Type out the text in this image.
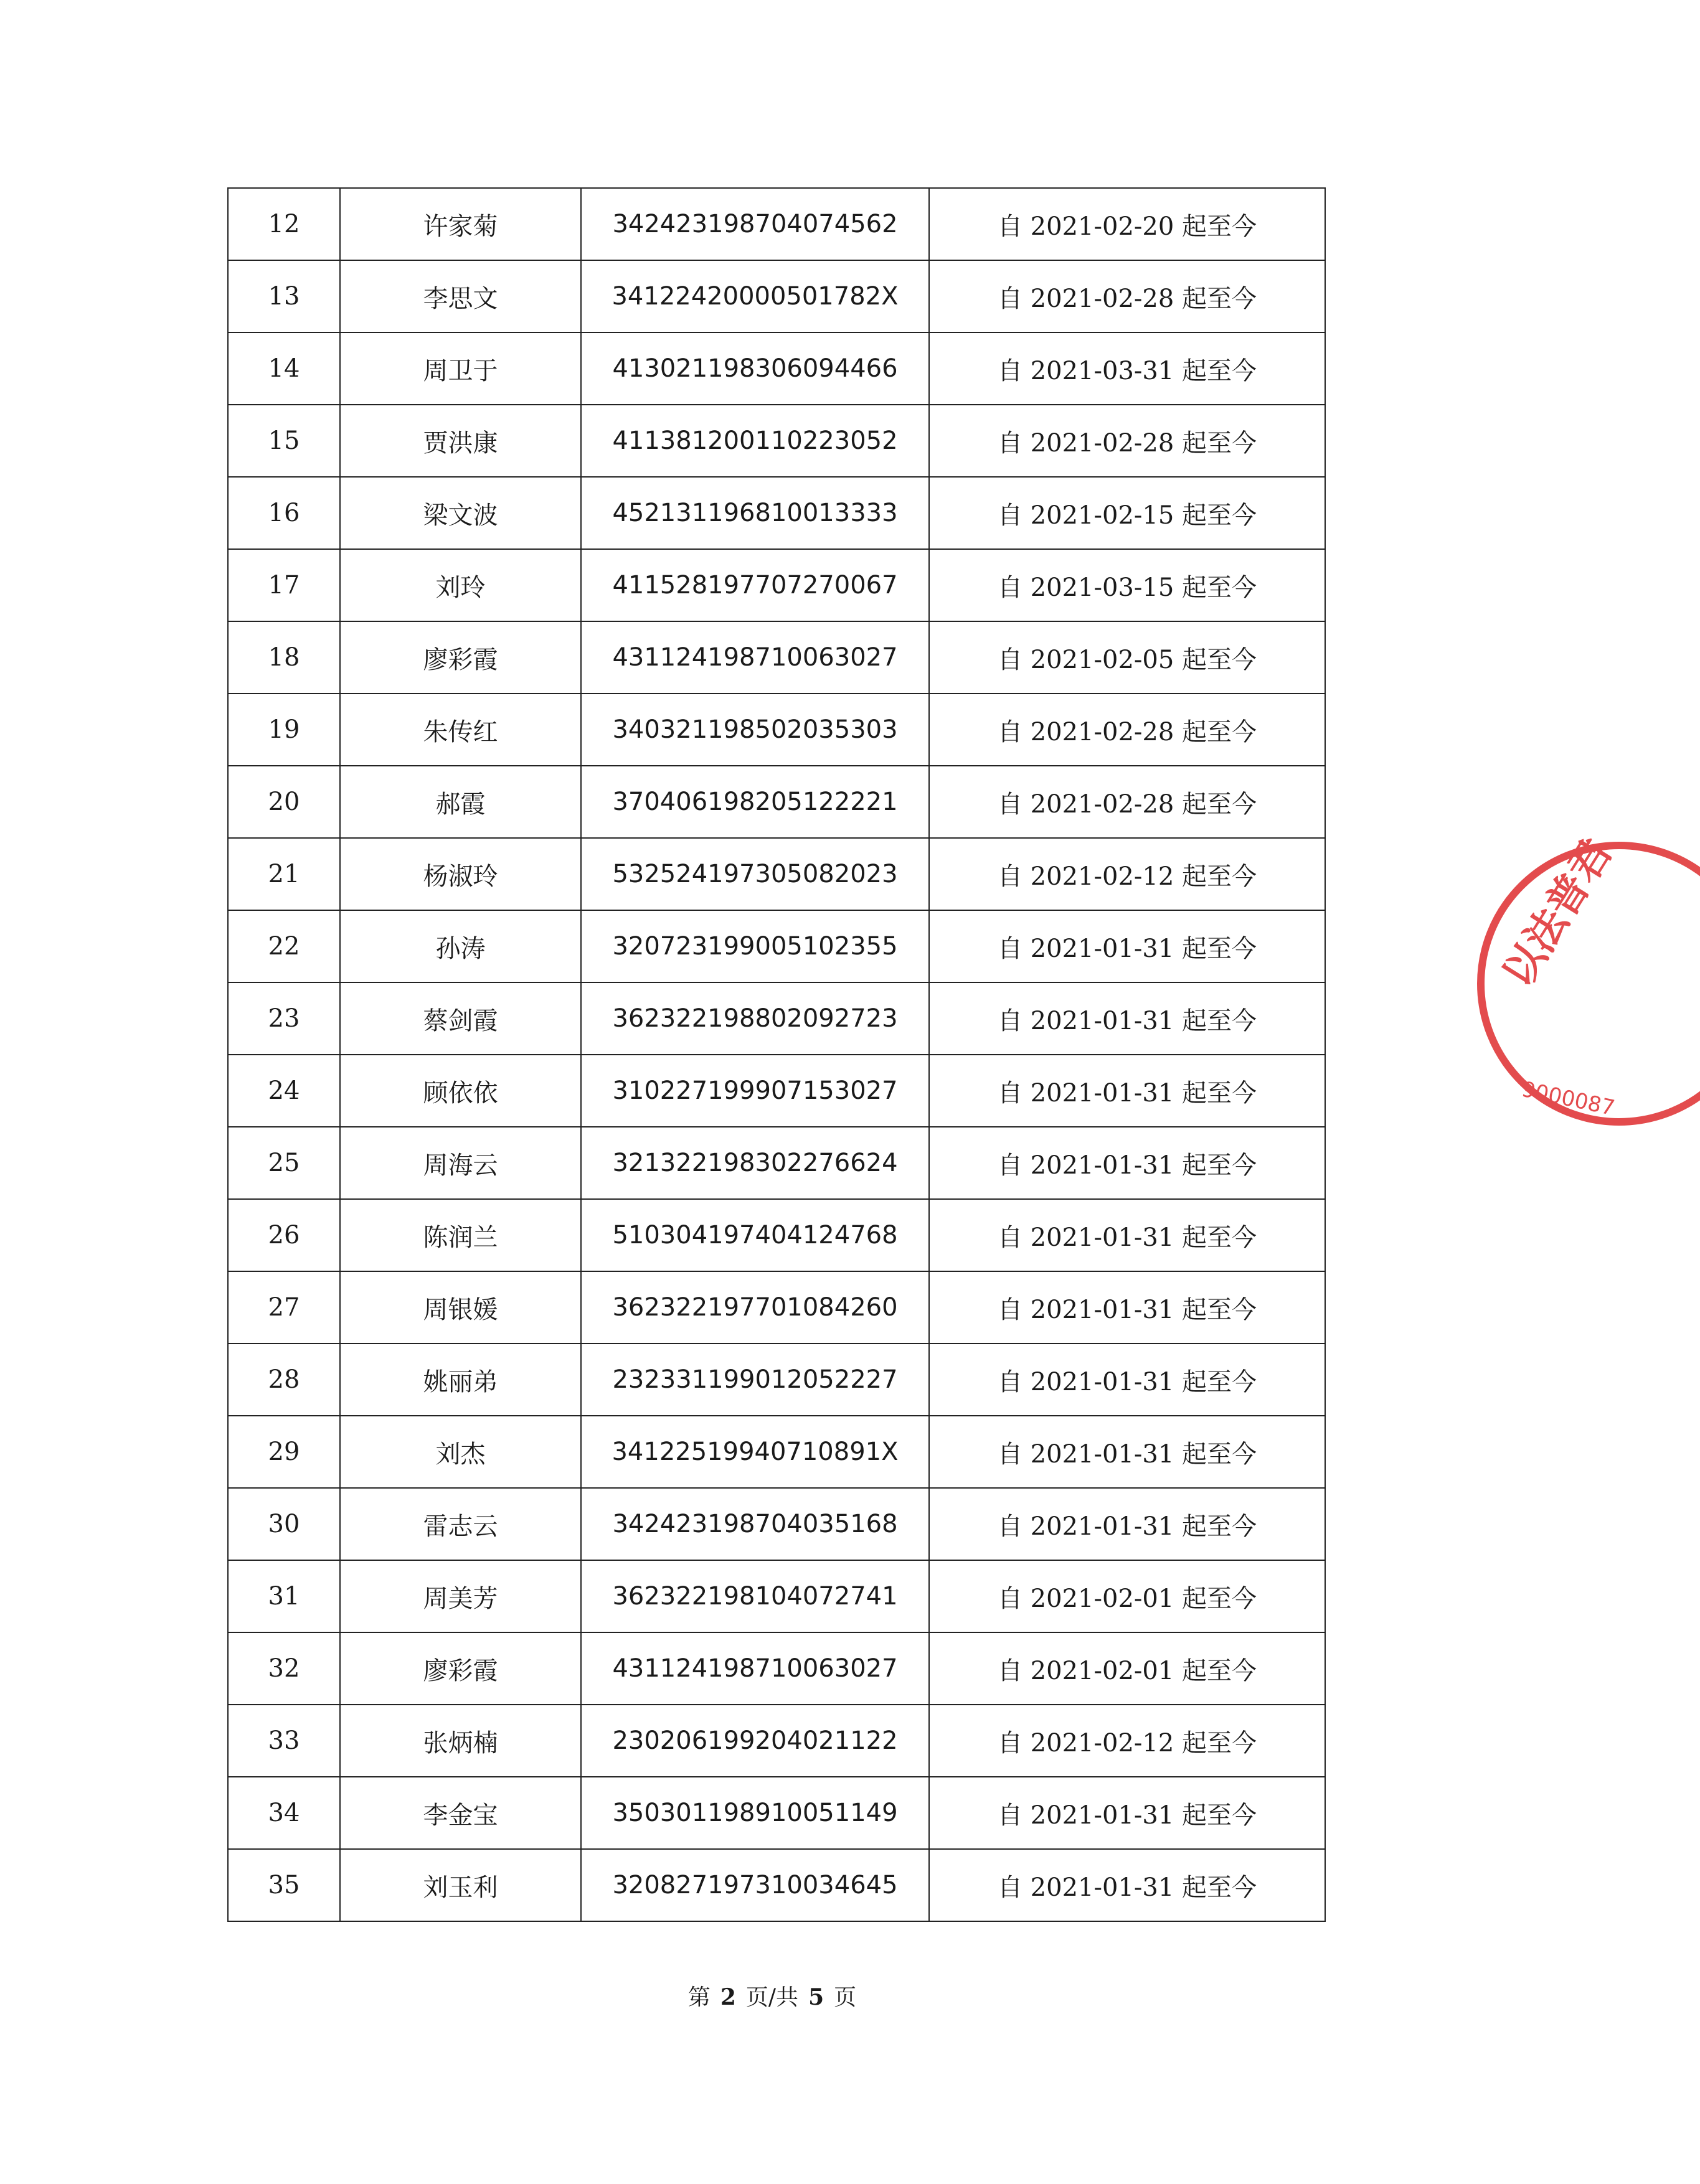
12	许家菊	342423198704074562	自 2021-02-20 起至今
13	李思文	34122420000501782X	自 2021-02-28 起至今
14	周卫于	413021198306094466	自 2021-03-31 起至今
15	贾洪康	411381200110223052	自 2021-02-28 起至今
16	梁文波	452131196810013333	自 2021-02-15 起至今
17	刘玲	411528197707270067	自 2021-03-15 起至今
18	廖彩霞	431124198710063027	自 2021-02-05 起至今
19	朱传红	340321198502035303	自 2021-02-28 起至今
20	郝霞	370406198205122221	自 2021-02-28 起至今
21	杨淑玲	532524197305082023	自 2021-02-12 起至今
22	孙涛	320723199005102355	自 2021-01-31 起至今
23	蔡剑霞	362322198802092723	自 2021-01-31 起至今
24	顾依依	310227199907153027	自 2021-01-31 起至今
25	周海云	321322198302276624	自 2021-01-31 起至今
26	陈润兰	510304197404124768	自 2021-01-31 起至今
27	周银媛	362322197701084260	自 2021-01-31 起至今
28	姚丽弟	232331199012052227	自 2021-01-31 起至今
29	刘杰	34122519940710891X	自 2021-01-31 起至今
30	雷志云	342423198704035168	自 2021-01-31 起至今
31	周美芳	362322198104072741	自 2021-02-01 起至今
32	廖彩霞	431124198710063027	自 2021-02-01 起至今
33	张炳楠	230206199204021122	自 2021-02-12 起至今
34	李金宝	350301198910051149	自 2021-01-31 起至今
35	刘玉利	320827197310034645	自 2021-01-31 起至今
第 2 页/共 5 页
以法普君
9000087
